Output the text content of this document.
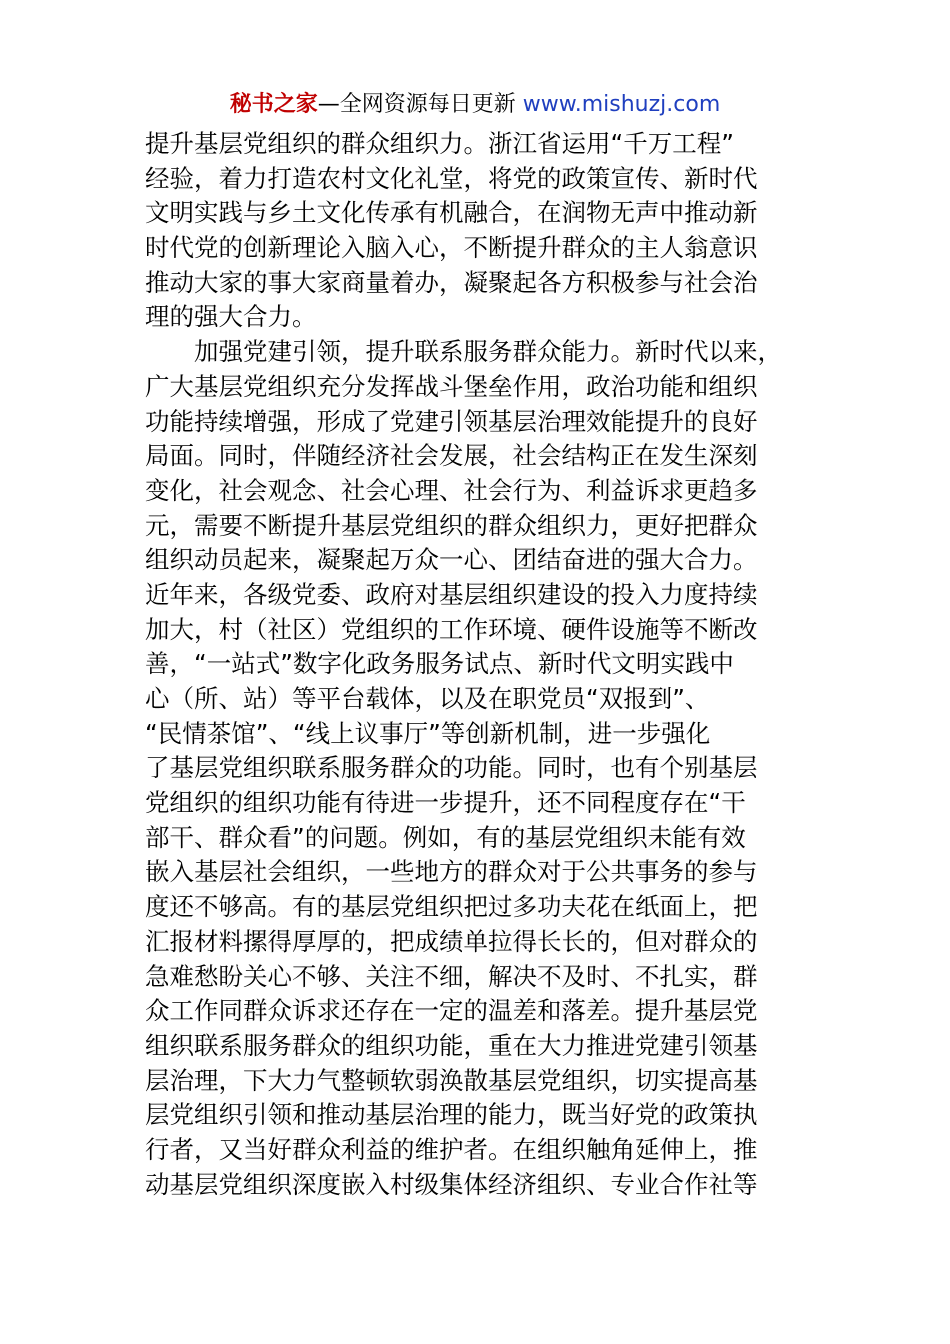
秘书之家—全网资源每日更新 www.mishuzj.com
提升基层党组织的群众组织力。浙江省运用“千万工程”
经验，着力打造农村文化礼堂，将党的政策宣传、新时代
文明实践与乡土文化传承有机融合，在润物无声中推动新
时代党的创新理论入脑入心，不断提升群众的主人翁意识
推动大家的事大家商量着办，凝聚起各方积极参与社会治
理的强大合力。
加强党建引领，提升联系服务群众能力。新时代以来，
广大基层党组织充分发挥战斗堡垒作用，政治功能和组织
功能持续增强，形成了党建引领基层治理效能提升的良好
局面。同时，伴随经济社会发展，社会结构正在发生深刻
变化，社会观念、社会心理、社会行为、利益诉求更趋多
元，需要不断提升基层党组织的群众组织力，更好把群众
组织动员起来，凝聚起万众一心、团结奋进的强大合力。
近年来，各级党委、政府对基层组织建设的投入力度持续
加大，村（社区）党组织的工作环境、硬件设施等不断改
善，“一站式”数字化政务服务试点、新时代文明实践中
心（所、站）等平台载体，以及在职党员“双报到”、
“民情茶馆”、“线上议事厅”等创新机制，进一步强化
了基层党组织联系服务群众的功能。同时，也有个别基层
党组织的组织功能有待进一步提升，还不同程度存在“干
部干、群众看”的问题。例如，有的基层党组织未能有效
嵌入基层社会组织，一些地方的群众对于公共事务的参与
度还不够高。有的基层党组织把过多功夫花在纸面上，把
汇报材料摞得厚厚的，把成绩单拉得长长的，但对群众的
急难愁盼关心不够、关注不细，解决不及时、不扎实，群
众工作同群众诉求还存在一定的温差和落差。提升基层党
组织联系服务群众的组织功能，重在大力推进党建引领基
层治理，下大力气整顿软弱涣散基层党组织，切实提高基
层党组织引领和推动基层治理的能力，既当好党的政策执
行者，又当好群众利益的维护者。在组织触角延伸上，推
动基层党组织深度嵌入村级集体经济组织、专业合作社等
